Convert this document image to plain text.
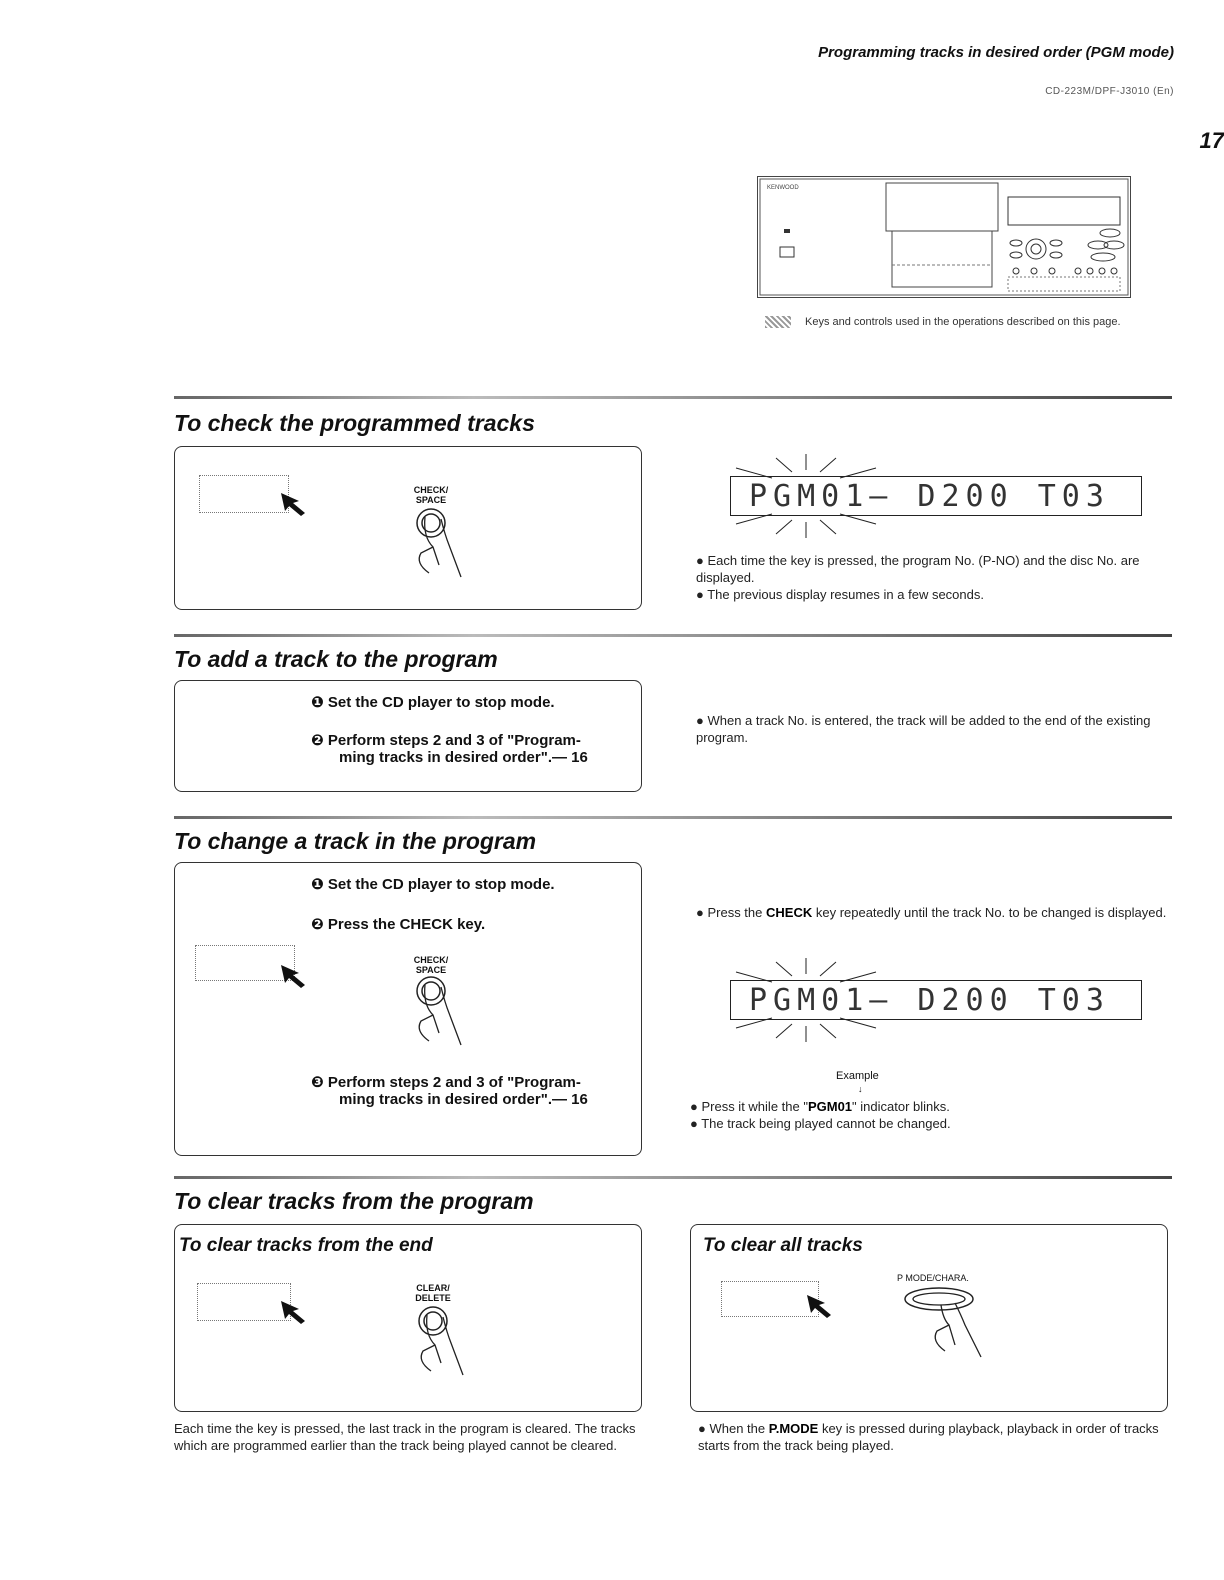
Programming tracks in desired order (PGM mode)
CD-223M/DPF-J3010 (En)
17
KENWOOD
Keys and controls used in the operations described on this page.
To check the programmed tracks
CHECK/
SPACE	PGM01— D200 T03
● Each time the key is pressed, the program No. (P-NO) and the disc No. are displayed.
● The previous display resumes in a few seconds.
To add a track to the program
❶ Set the CD player to stop mode.
❷ Perform steps 2 and 3 of "Program-
ming tracks in desired order".— 16
● When a track No. is entered, the track will be added to the end of the existing program.
To change a track in the program
❶ Set the CD player to stop mode.
❷ Press the CHECK key.
CHECK/
SPACE
❸ Perform steps 2 and 3 of "Program-
ming tracks in desired order".— 16
● Press the CHECK key repeatedly until the track No. to be changed is displayed.
PGM01— D200 T03
Example
↓
● Press it while the "PGM01" indicator blinks.
● The track being played cannot be changed.
To clear tracks from the program
To clear tracks from the end
CLEAR/
DELETE
Each time the key is pressed, the last track in the program is cleared. The tracks which are programmed earlier than the track being played cannot be cleared.
To clear all tracks
P MODE/CHARA.
● When the P.MODE key is pressed during playback, playback in order of tracks starts from the track being played.
